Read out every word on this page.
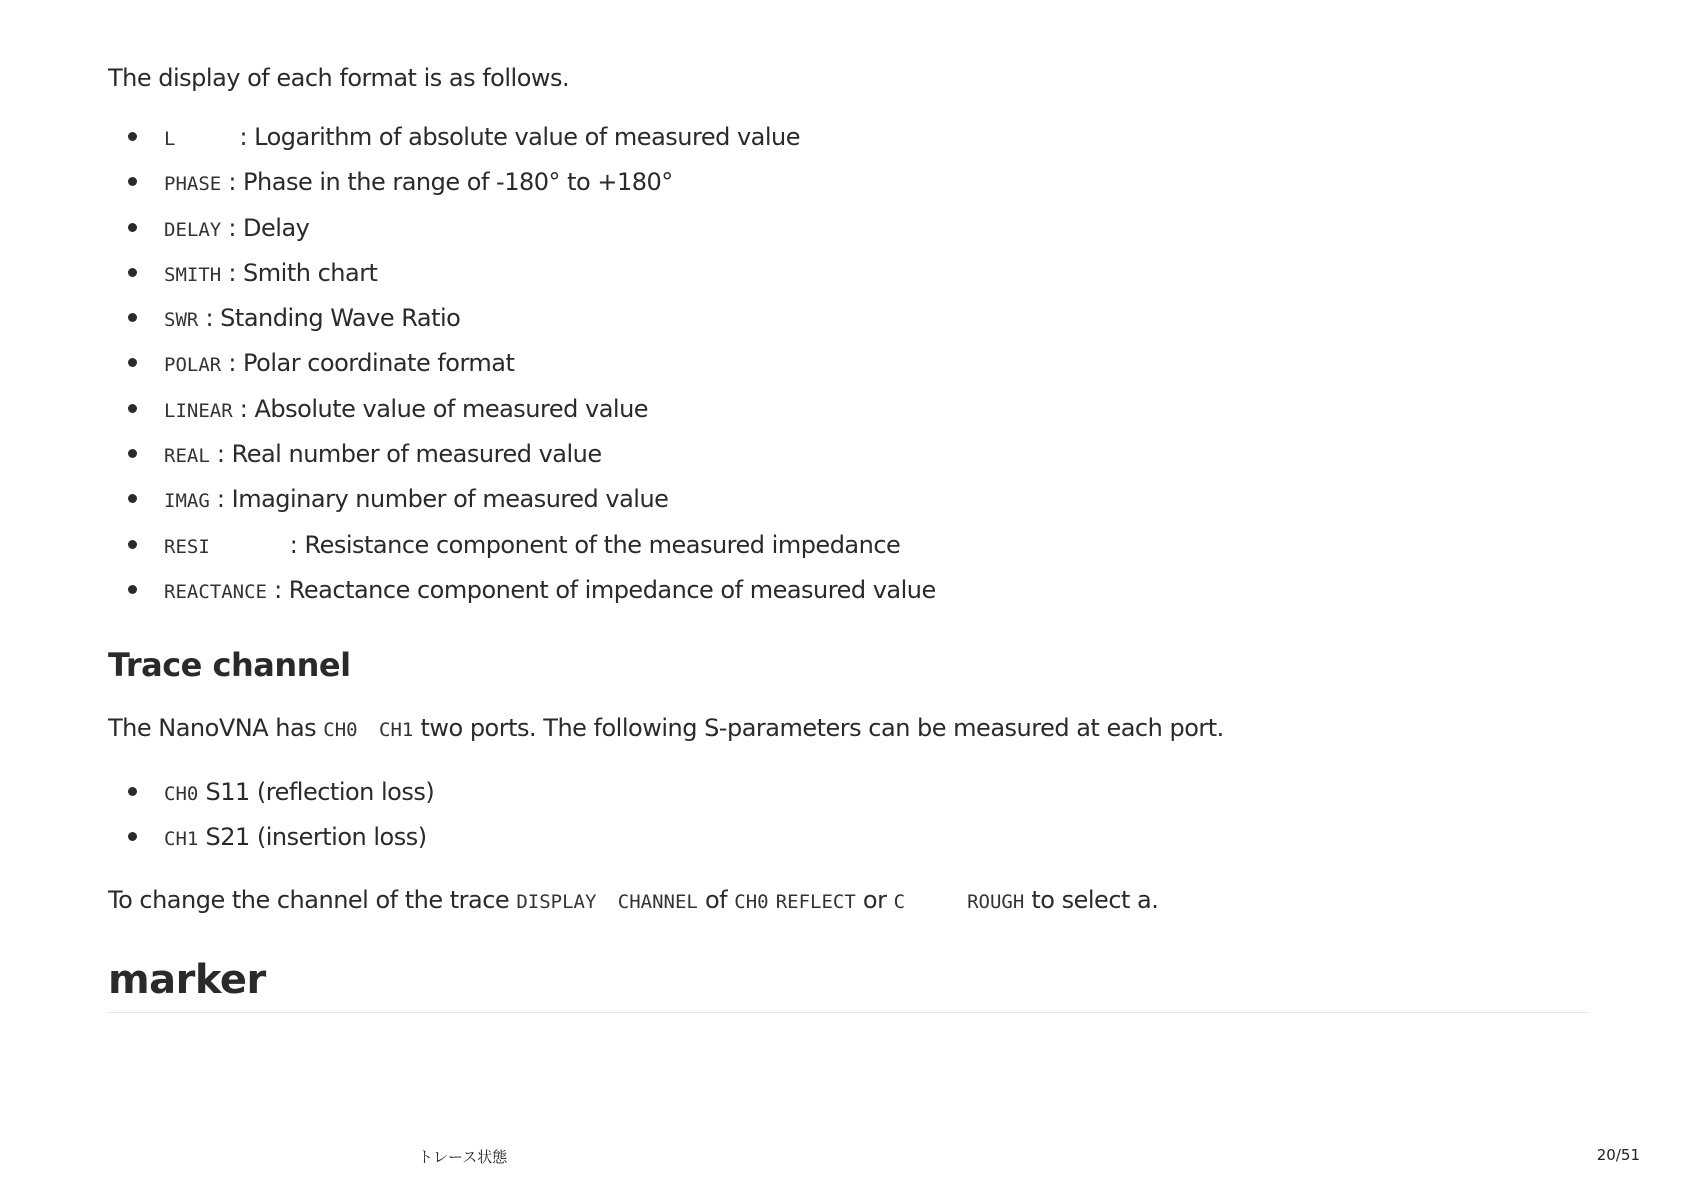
The display of each format is as follows.
L	: Logarithm of absolute value of measured value
PHASE : Phase in the range of -180° to +180°
DELAY : Delay
SMITH : Smith chart
SWR : Standing Wave Ratio
POLAR : Polar coordinate format
LINEAR : Absolute value of measured value
REAL : Real number of measured value
IMAG : Imaginary number of measured value
RESI	: Resistance component of the measured impedance
REACTANCE : Reactance component of impedance of measured value
Trace channel
The NanoVNA has CH0 CH1 two ports. The following S-parameters can be measured at each port.
CH0 S11 (reflection loss)
CH1 S21 (insertion loss)
To change the channel of the trace DISPLAY CHANNEL of CH0 REFLECT or C	ROUGH to select a.
marker
トレース状態	20/51
